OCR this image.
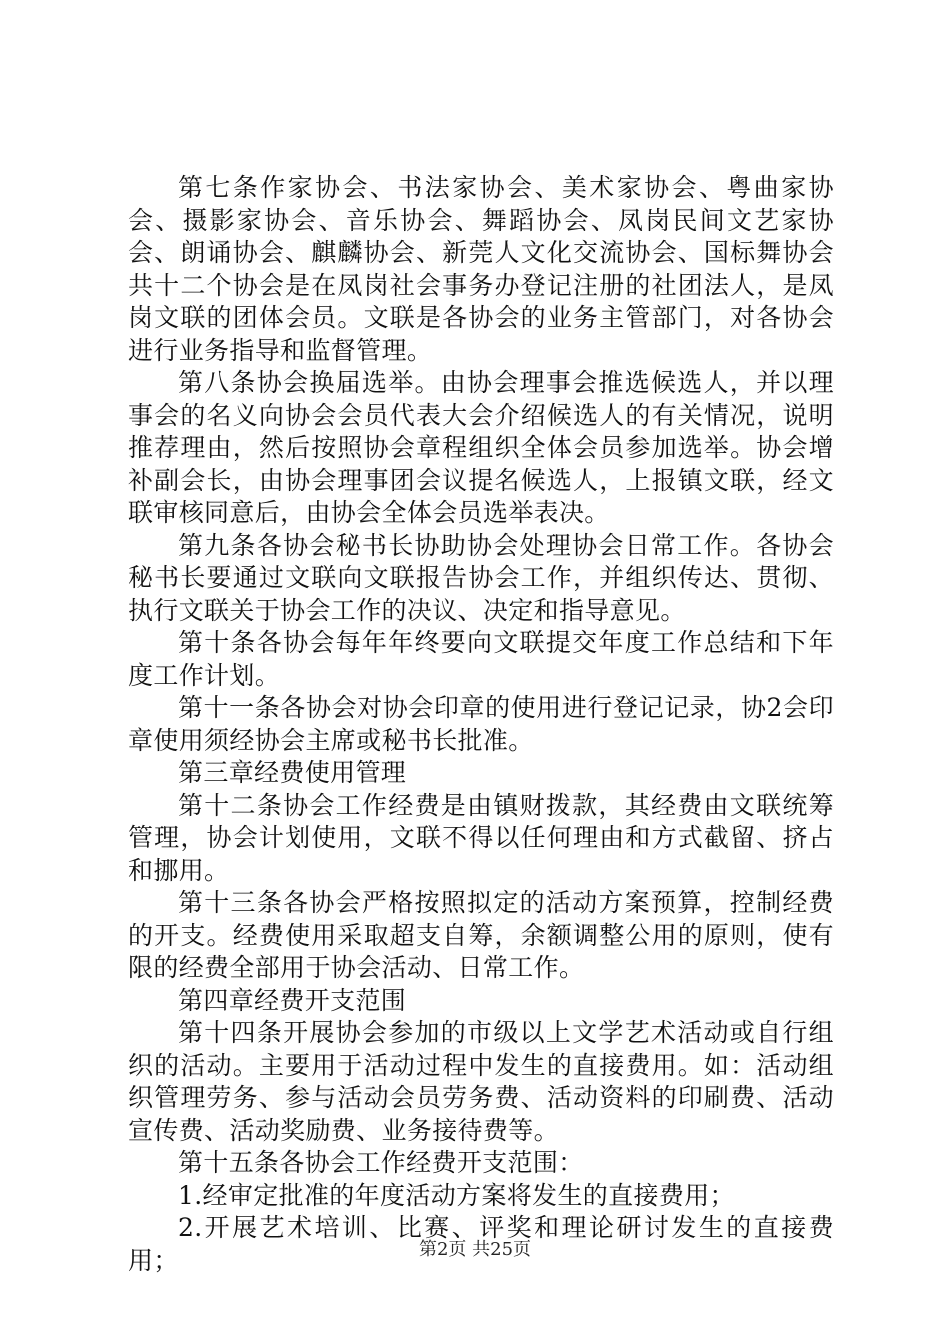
第七条作家协会、书法家协会、美术家协会、粤曲家协会、摄影家协会、音乐协会、舞蹈协会、凤岗民间文艺家协会、朗诵协会、麒麟协会、新莞人文化交流协会、国标舞协会共十二个协会是在凤岗社会事务办登记注册的社团法人，是凤岗文联的团体会员。文联是各协会的业务主管部门，对各协会进行业务指导和监督管理。

第八条协会换届选举。由协会理事会推选候选人，并以理事会的名义向协会会员代表大会介绍候选人的有关情况，说明推荐理由，然后按照协会章程组织全体会员参加选举。协会增补副会长，由协会理事团会议提名候选人，上报镇文联，经文联审核同意后，由协会全体会员选举表决。

第九条各协会秘书长协助协会处理协会日常工作。各协会秘书长要通过文联向文联报告协会工作，并组织传达、贯彻、执行文联关于协会工作的决议、决定和指导意见。

第十条各协会每年年终要向文联提交年度工作总结和下年度工作计划。

第十一条各协会对协会印章的使用进行登记记录，协2会印章使用须经协会主席或秘书长批准。

第三章经费使用管理

第十二条协会工作经费是由镇财拨款，其经费由文联统筹管理，协会计划使用，文联不得以任何理由和方式截留、挤占和挪用。

第十三条各协会严格按照拟定的活动方案预算，控制经费的开支。经费使用采取超支自筹，余额调整公用的原则，使有限的经费全部用于协会活动、日常工作。

第四章经费开支范围

第十四条开展协会参加的市级以上文学艺术活动或自行组织的活动。主要用于活动过程中发生的直接费用。如：活动组织管理劳务、参与活动会员劳务费、活动资料的印刷费、活动宣传费、活动奖励费、业务接待费等。

第十五条各协会工作经费开支范围：

1.经审定批准的年度活动方案将发生的直接费用；

2.开展艺术培训、比赛、评奖和理论研讨发生的直接费用；	第2页 共25页
